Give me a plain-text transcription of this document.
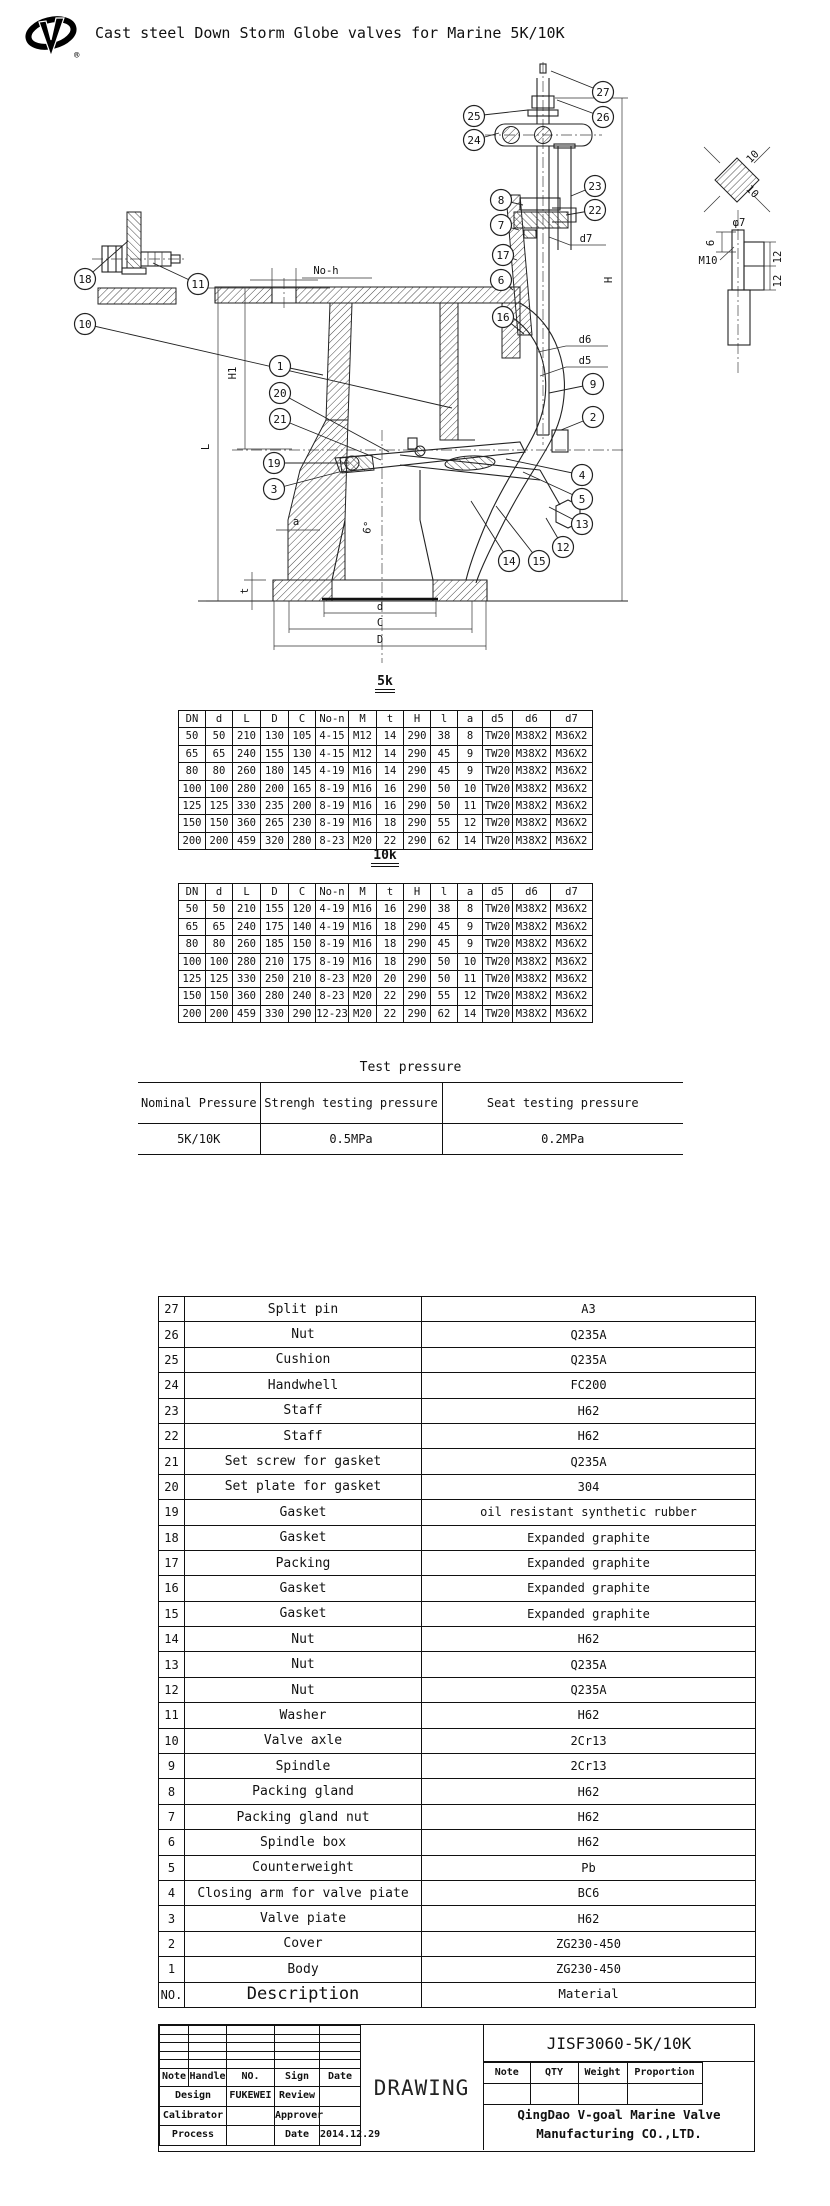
®
Cast steel Down Storm Globe valves for Marine 5K/10K
No-h
H
H1
L
a	6°
t
d
C
D
d7
d6
d5
M10
φ7
6
12
12
10
10
27
26
25
24
23
22
8
7
17
6
16
18	11
10
1
20
21
19
3
9
2
4
5
13
12
14 15
5k
DN	d	L	D	C	No-n	M	t	H	l	a	d5	d6	d7
50	50	210	130	105	4-15	M12	14	290	38	8	TW20	M38X2	M36X2
65	65	240	155	130	4-15	M12	14	290	45	9	TW20	M38X2	M36X2
80	80	260	180	145	4-19	M16	14	290	45	9	TW20	M38X2	M36X2
100	100	280	200	165	8-19	M16	16	290	50	10	TW20	M38X2	M36X2
125	125	330	235	200	8-19	M16	16	290	50	11	TW20	M38X2	M36X2
150	150	360	265	230	8-19	M16	18	290	55	12	TW20	M38X2	M36X2
200	200	459	320	280	8-23	M20	22	290	62	14	TW20	M38X2	M36X2
10k
DN	d	L	D	C	No-n	M	t	H	l	a	d5	d6	d7
50	50	210	155	120	4-19	M16	16	290	38	8	TW20	M38X2	M36X2
65	65	240	175	140	4-19	M16	18	290	45	9	TW20	M38X2	M36X2
80	80	260	185	150	8-19	M16	18	290	45	9	TW20	M38X2	M36X2
100	100	280	210	175	8-19	M16	18	290	50	10	TW20	M38X2	M36X2
125	125	330	250	210	8-23	M20	20	290	50	11	TW20	M38X2	M36X2
150	150	360	280	240	8-23	M20	22	290	55	12	TW20	M38X2	M36X2
200	200	459	330	290	12-23	M20	22	290	62	14	TW20	M38X2	M36X2
Test pressure
Nominal Pressure	Strengh testing pressure	Seat testing pressure
5K/10K	0.5MPa	0.2MPa
27	Split pin	A3
26	Nut	Q235A
25	Cushion	Q235A
24	Handwhell	FC200
23	Staff	H62
22	Staff	H62
21	Set screw for gasket	Q235A
20	Set plate for gasket	304
19	Gasket	oil resistant synthetic rubber
18	Gasket	Expanded graphite
17	Packing	Expanded graphite
16	Gasket	Expanded graphite
15	Gasket	Expanded graphite
14	Nut	H62
13	Nut	Q235A
12	Nut	Q235A
11	Washer	H62
10	Valve axle	2Cr13
9	Spindle	2Cr13
8	Packing gland	H62
7	Packing gland nut	H62
6	Spindle box	H62
5	Counterweight	Pb
4	Closing arm for valve piate	BC6
3	Valve piate	H62
2	Cover	ZG230-450
1	Body	ZG230-450
NO.	Description	Material

Note	Handle	NO.	Sign	Date
Design		FUKEWEI	Review	
Calibrator			Approver	
Process			Date	2014.12.29
DRAWING
JISF3060-5K/10K
Note	QTY	Weight	Proportion

QingDao V-goal Marine Valve
Manufacturing CO.,LTD.
